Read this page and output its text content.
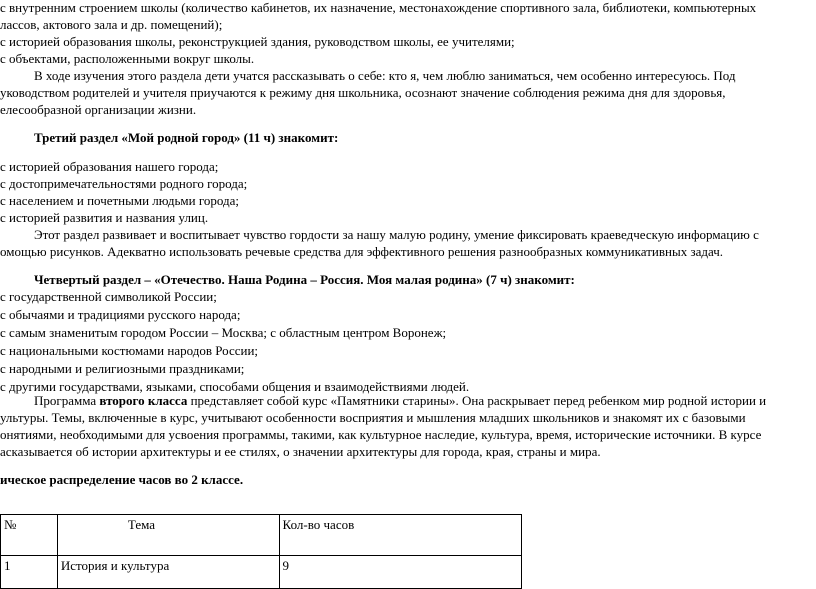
с внутренним строением школы (количество кабинетов, их назначение, местонахождение спортивного зала, библиотеки, компьютерных
лассов, актового зала и др. помещений);
с историей образования школы, реконструкцией здания, руководством школы, ее учителями;
с объектами, расположенными вокруг школы.
В ходе изучения этого раздела дети учатся рассказывать о себе: кто я, чем люблю заниматься, чем особенно интересуюсь. Под
уководством родителей и учителя приучаются к режиму дня школьника, осознают значение соблюдения режима дня для здоровья,
елесообразной организации жизни.
Третий раздел «Мой родной город» (11 ч) знакомит:
с историей образования нашего города;
с достопримечательностями родного города;
с населением и почетными людьми города;
с историей развития и названия улиц.
Этот раздел развивает и воспитывает чувство гордости за нашу малую родину, умение фиксировать краеведческую информацию с
омощью рисунков. Адекватно использовать речевые средства для эффективного решения разнообразных коммуникативных задач.
Четвертый раздел – «Отечество. Наша Родина – Россия. Моя малая родина» (7 ч) знакомит:
с государственной символикой России;
с обычаями и традициями русского народа;
с самым знаменитым городом России – Москва; с областным центром Воронеж;
с национальными костюмами народов России;
с народными и религиозными праздниками;
с другими государствами, языками, способами общения и взаимодействиями людей.
Программа второго класса представляет собой курс «Памятники старины». Она раскрывает перед ребенком мир родной истории и
ультуры. Темы, включенные в курс, учитывают особенности восприятия и мышления младших школьников и знакомят их с базовыми
онятиями, необходимыми для усвоения программы, такими, как культурное наследие, культура, время, исторические источники. В курсе
асказывается об истории архитектуры и ее стилях, о значении архитектуры для города, края, страны и мира.
ическое распределение часов во 2 классе.
№	Тема	Кол-во часов
1	История и культура	9
